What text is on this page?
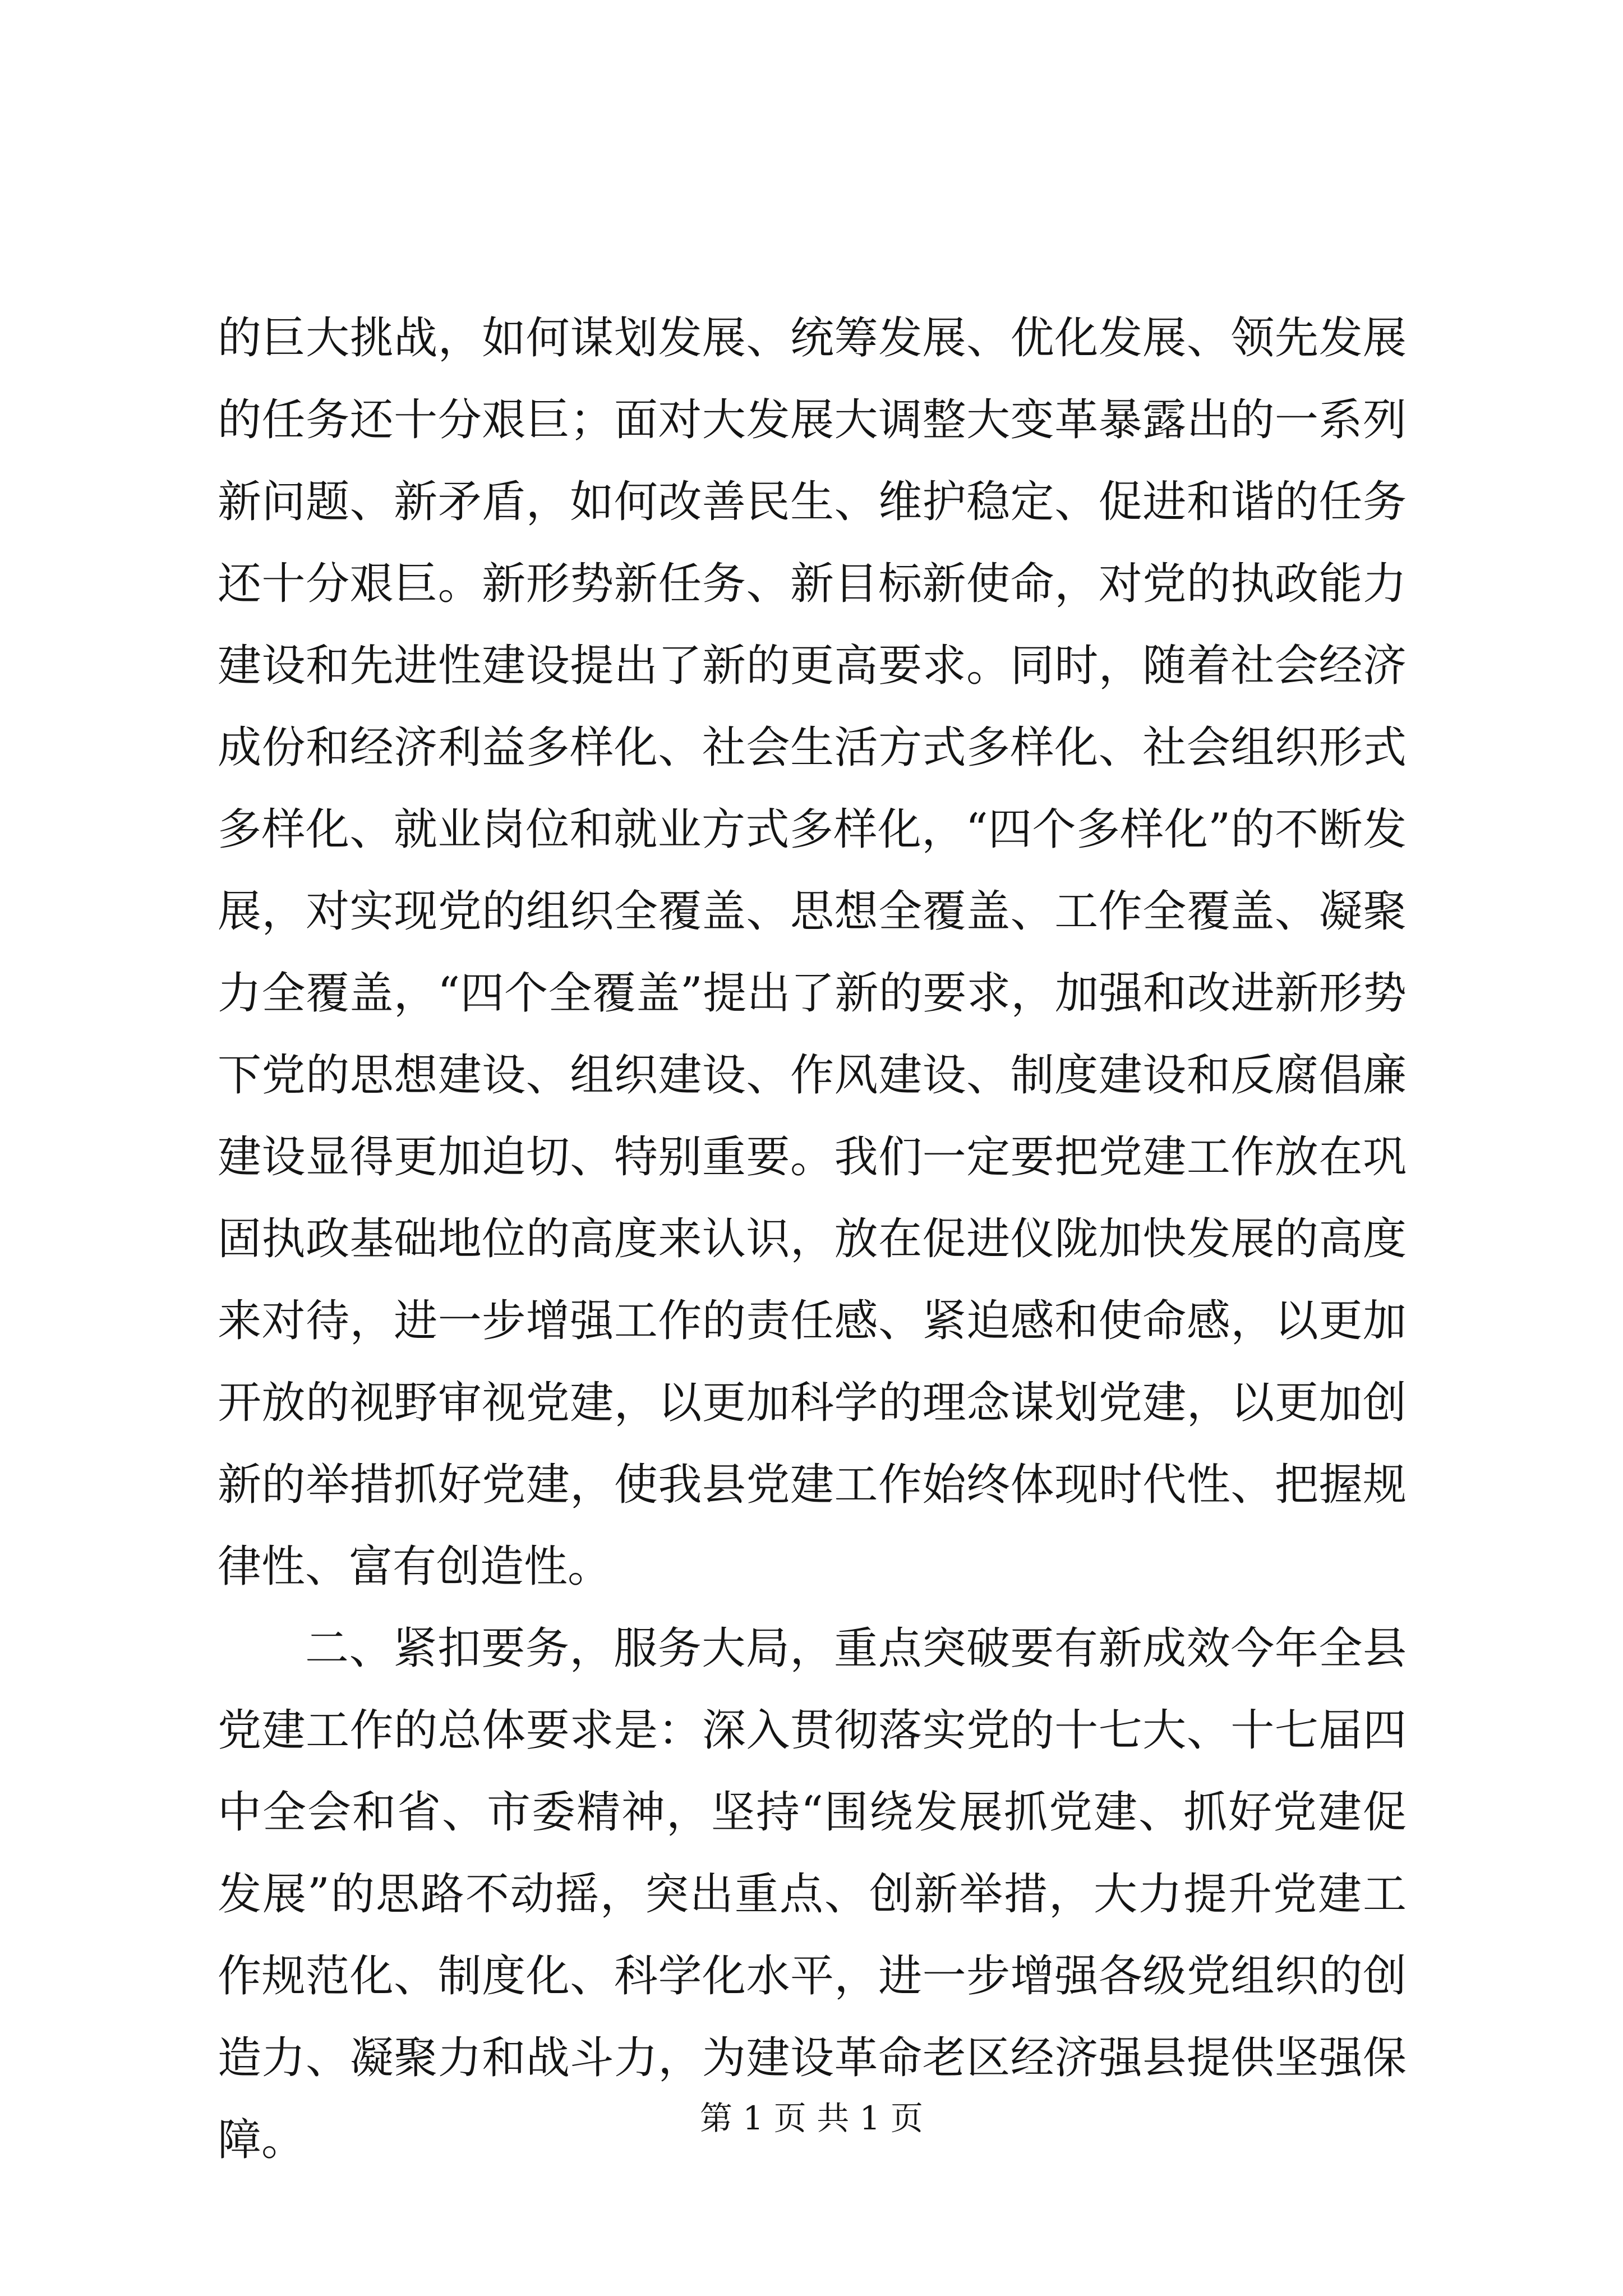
的巨大挑战，如何谋划发展、统筹发展、优化发展、领先发展的任务还十分艰巨；面对大发展大调整大变革暴露出的一系列新问题、新矛盾，如何改善民生、维护稳定、促进和谐的任务还十分艰巨。新形势新任务、新目标新使命，对党的执政能力建设和先进性建设提出了新的更高要求。同时，随着社会经济成份和经济利益多样化、社会生活方式多样化、社会组织形式多样化、就业岗位和就业方式多样化，“四个多样化”的不断发展，对实现党的组织全覆盖、思想全覆盖、工作全覆盖、凝聚力全覆盖，“四个全覆盖”提出了新的要求，加强和改进新形势下党的思想建设、组织建设、作风建设、制度建设和反腐倡廉建设显得更加迫切、特别重要。我们一定要把党建工作放在巩固执政基础地位的高度来认识，放在促进仪陇加快发展的高度来对待，进一步增强工作的责任感、紧迫感和使命感，以更加开放的视野审视党建，以更加科学的理念谋划党建，以更加创新的举措抓好党建，使我县党建工作始终体现时代性、把握规律性、富有创造性。

二、紧扣要务，服务大局，重点突破要有新成效今年全县党建工作的总体要求是：深入贯彻落实党的十七大、十七届四中全会和省、市委精神，坚持“围绕发展抓党建、抓好党建促发展”的思路不动摇，突出重点、创新举措，大力提升党建工作规范化、制度化、科学化水平，进一步增强各级党组织的创造力、凝聚力和战斗力，为建设革命老区经济强县提供坚强保障。	第 1 页 共 1 页
